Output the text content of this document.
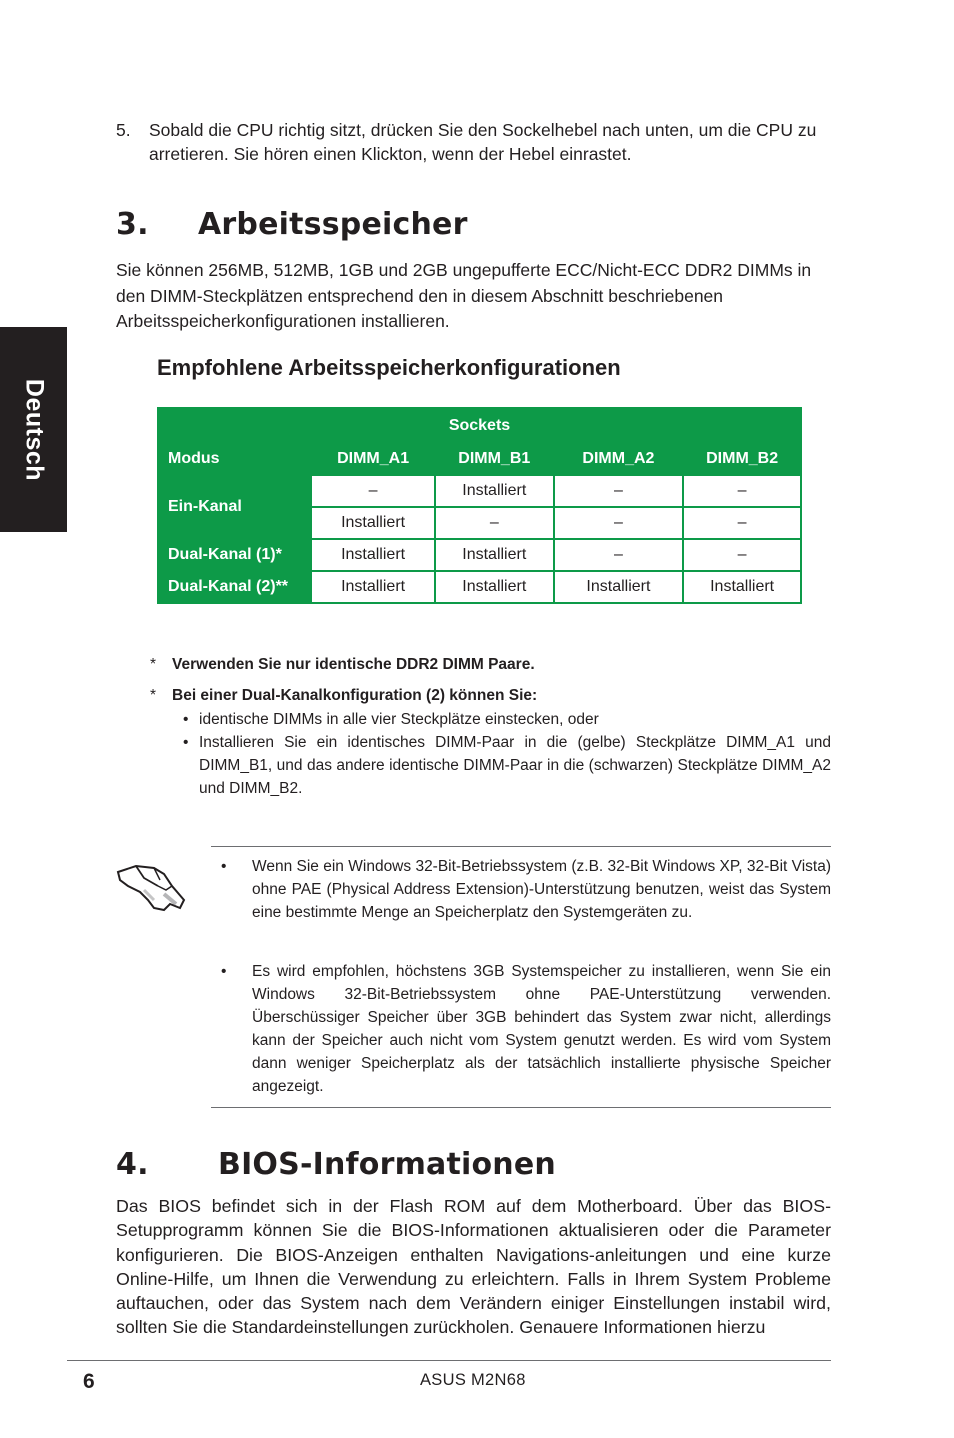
Deutsch
5. Sobald die CPU richtig sitzt, drücken Sie den Sockelhebel nach unten, um die CPU zu arretieren. Sie hören einen Klickton, wenn der Hebel einrastet.
3. Arbeitsspeicher
Sie können 256MB, 512MB, 1GB und 2GB ungepufferte ECC/Nicht-ECC DDR2 DIMMs in den DIMM-Steckplätzen entsprechend den in diesem Abschnitt beschriebenen Arbeitsspeicherkonfigurationen installieren.
Empfohlene Arbeitsspeicherkonfigurationen
Sockets				
Modus	DIMM_A1	DIMM_B1	DIMM_A2	DIMM_B2
Ein-Kanal	–	Installiert	–	–
	Installiert	–	–	–
Dual-Kanal (1)*	Installiert	Installiert	–	–
Dual-Kanal (2)**	Installiert	Installiert	Installiert	Installiert
* Verwenden Sie nur identische DDR2 DIMM Paare.
* Bei einer Dual-Kanalkonfiguration (2) können Sie:
• identische DIMMs in alle vier Steckplätze einstecken, oder
• Installieren Sie ein identisches DIMM-Paar in die (gelbe) Steckplätze DIMM_A1 und DIMM_B1, und das andere identische DIMM-Paar in die (schwarzen) Steckplätze DIMM_A2 und DIMM_B2.
• Wenn Sie ein Windows 32-Bit-Betriebssystem (z.B. 32-Bit Windows XP, 32-Bit Vista) ohne PAE (Physical Address Extension)-Unterstützung benutzen, weist das System eine bestimmte Menge an Speicherplatz den Systemgeräten zu.
• Es wird empfohlen, höchstens 3GB Systemspeicher zu installieren, wenn Sie ein Windows 32-Bit-Betriebssystem ohne PAE-Unterstützung verwenden. Überschüssiger Speicher über 3GB behindert das System zwar nicht, allerdings kann der Speicher auch nicht vom System genutzt werden. Es wird vom System dann weniger Speicherplatz als der tatsächlich installierte physische Speicher angezeigt.
4. BIOS-Informationen
Das BIOS befindet sich in der Flash ROM auf dem Motherboard. Über das BIOS-Setupprogramm können Sie die BIOS-Informationen aktualisieren oder die Parameter konfigurieren. Die BIOS-Anzeigen enthalten Navigations-anleitungen und eine kurze Online-Hilfe, um Ihnen die Verwendung zu erleichtern. Falls in Ihrem System Probleme auftauchen, oder das System nach dem Verändern einiger Einstellungen instabil wird, sollten Sie die Standardeinstellungen zurückholen. Genauere Informationen hierzu
6	ASUS M2N68
